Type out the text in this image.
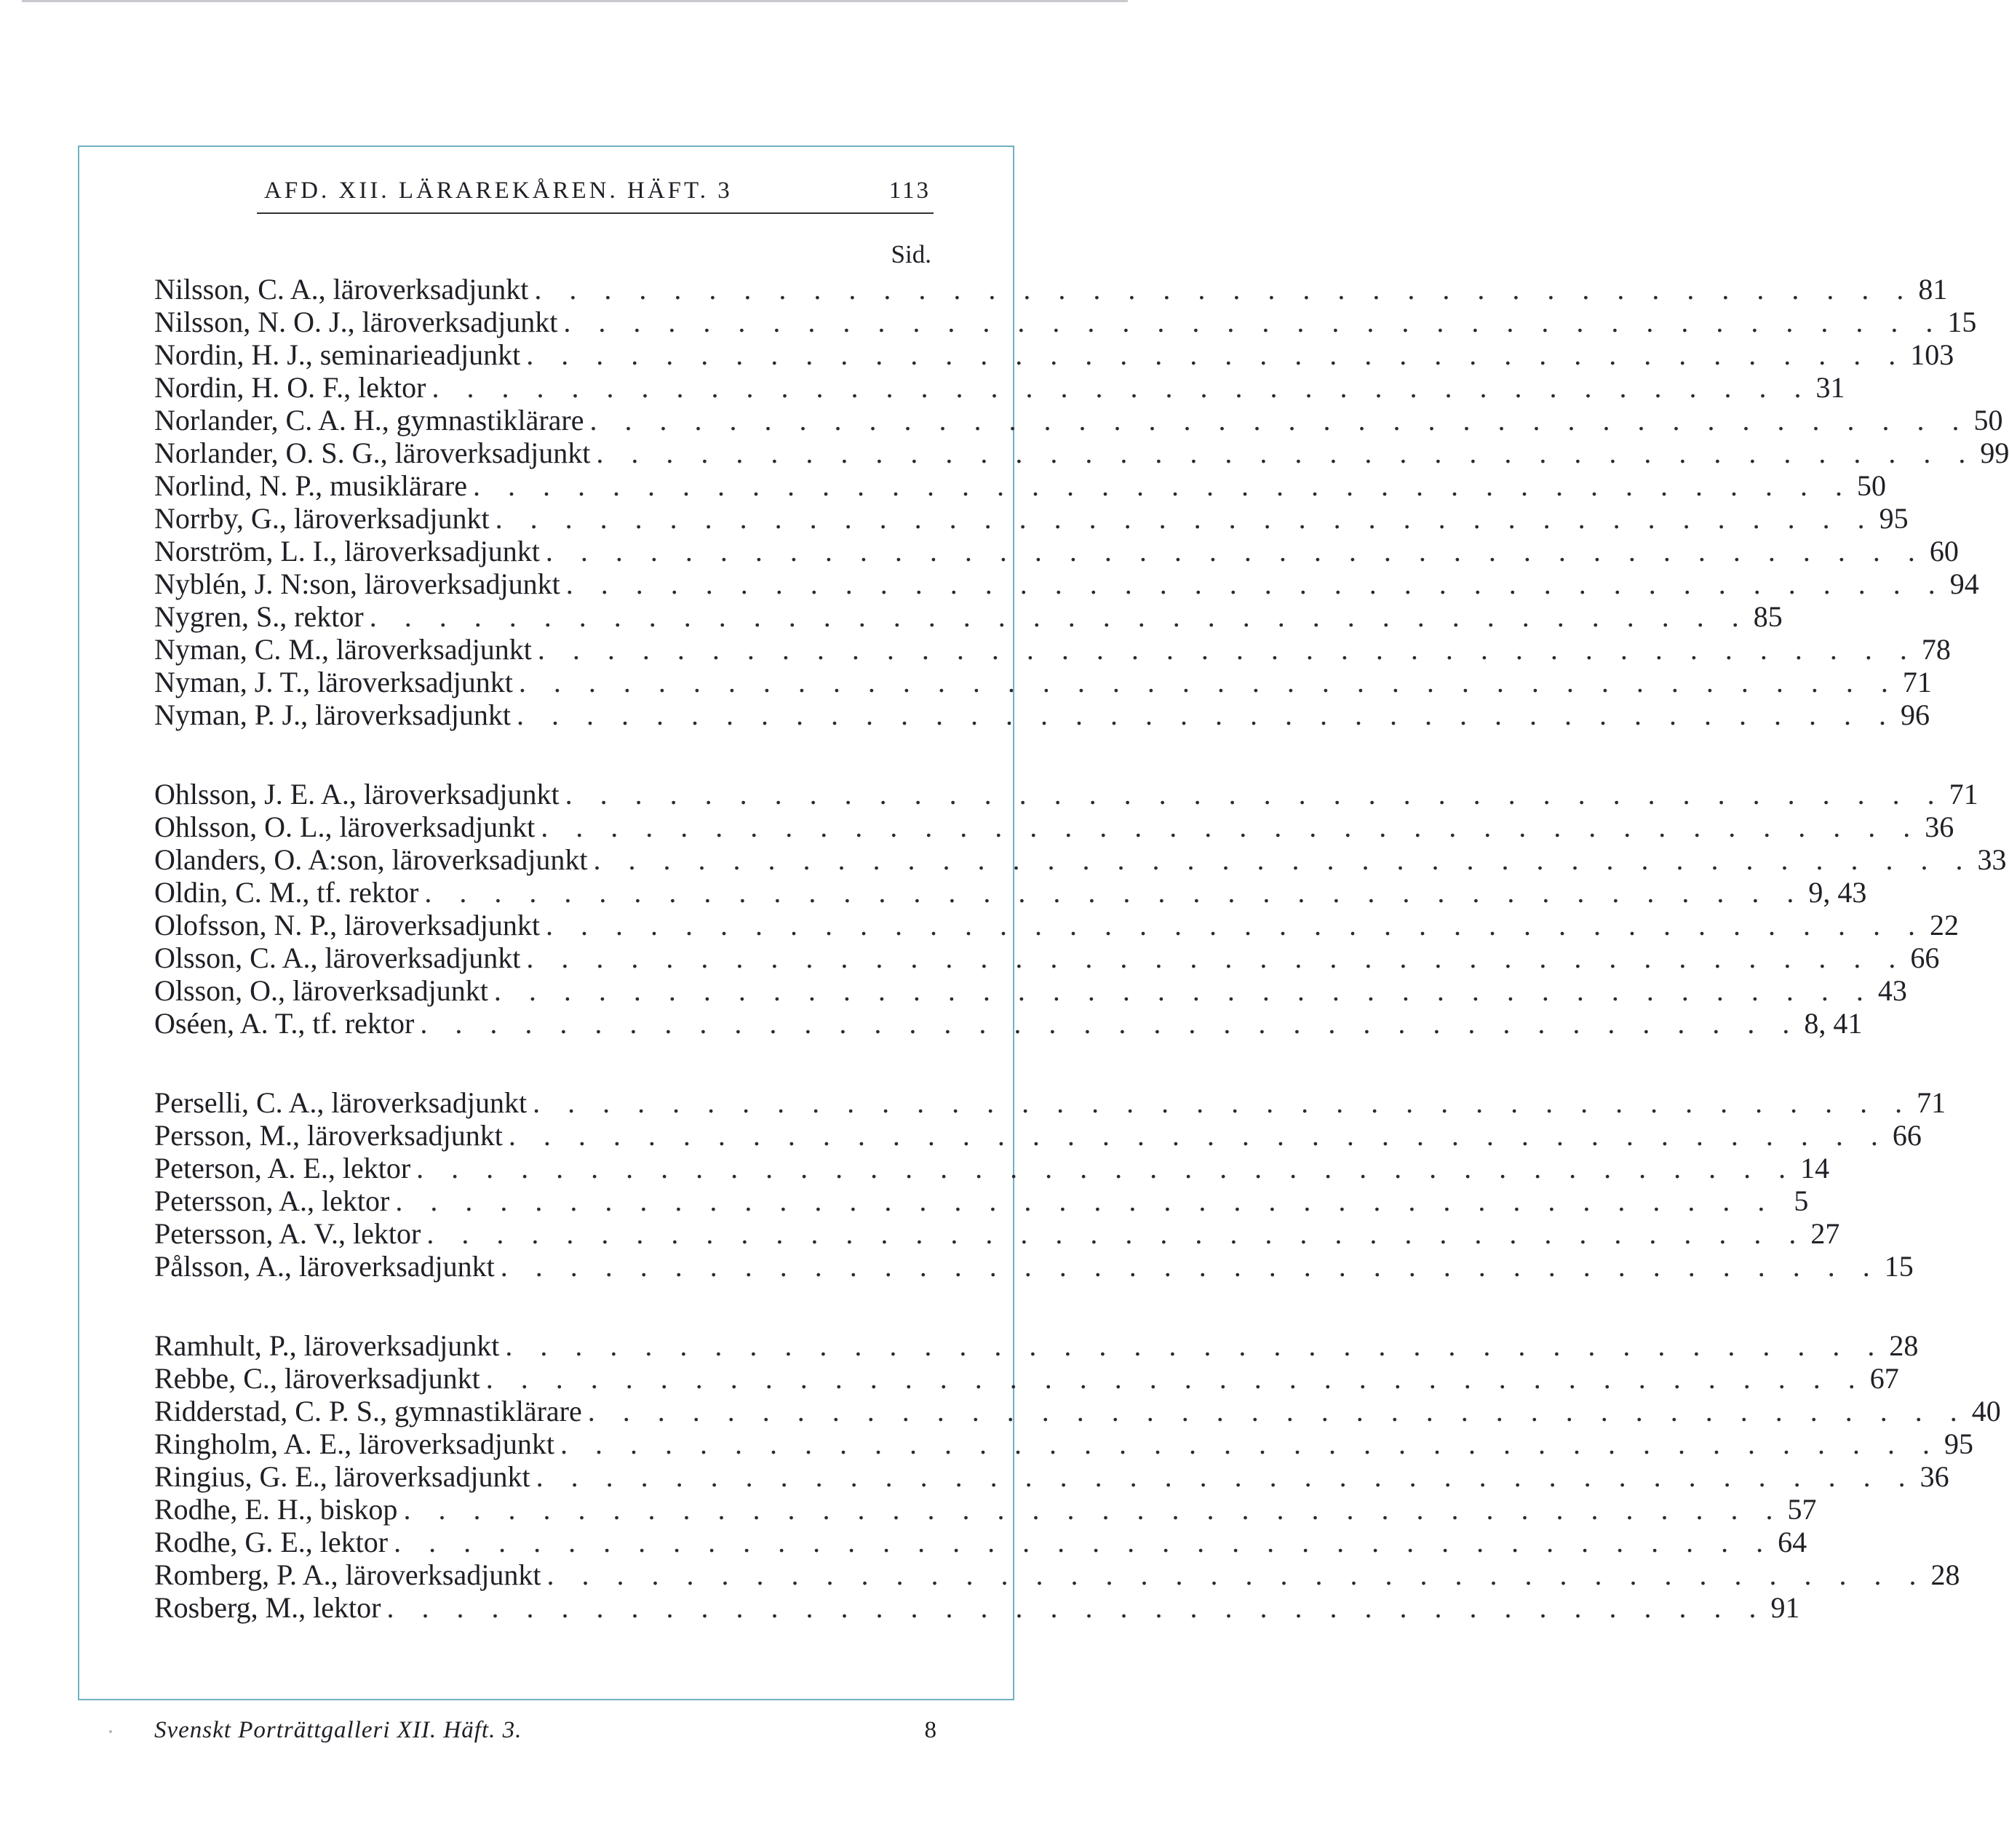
AFD. XII. LÄRAREKÅREN. HÄFT. 3	113
Sid.
Nilsson, C. A., läroverksadjunkt . . . . . . . . . . . . . . . . . . . . . . . . . . . . . . . . . . . . . . . . 81
Nilsson, N. O. J., läroverksadjunkt . . . . . . . . . . . . . . . . . . . . . . . . . . . . . . . . . . . . . . . . 15
Nordin, H. J., seminarieadjunkt . . . . . . . . . . . . . . . . . . . . . . . . . . . . . . . . . . . . . . . . 103
Nordin, H. O. F., lektor . . . . . . . . . . . . . . . . . . . . . . . . . . . . . . . . . . . . . . . . 31
Norlander, C. A. H., gymnastiklärare . . . . . . . . . . . . . . . . . . . . . . . . . . . . . . . . . . . . . . . . 50
Norlander, O. S. G., läroverksadjunkt . . . . . . . . . . . . . . . . . . . . . . . . . . . . . . . . . . . . . . . . 99
Norlind, N. P., musiklärare . . . . . . . . . . . . . . . . . . . . . . . . . . . . . . . . . . . . . . . . 50
Norrby, G., läroverksadjunkt . . . . . . . . . . . . . . . . . . . . . . . . . . . . . . . . . . . . . . . . 95
Norström, L. I., läroverksadjunkt . . . . . . . . . . . . . . . . . . . . . . . . . . . . . . . . . . . . . . . . 60
Nyblén, J. N:son, läroverksadjunkt . . . . . . . . . . . . . . . . . . . . . . . . . . . . . . . . . . . . . . . . 94
Nygren, S., rektor . . . . . . . . . . . . . . . . . . . . . . . . . . . . . . . . . . . . . . . . 85
Nyman, C. M., läroverksadjunkt . . . . . . . . . . . . . . . . . . . . . . . . . . . . . . . . . . . . . . . . 78
Nyman, J. T., läroverksadjunkt . . . . . . . . . . . . . . . . . . . . . . . . . . . . . . . . . . . . . . . . 71
Nyman, P. J., läroverksadjunkt . . . . . . . . . . . . . . . . . . . . . . . . . . . . . . . . . . . . . . . . 96
Ohlsson, J. E. A., läroverksadjunkt . . . . . . . . . . . . . . . . . . . . . . . . . . . . . . . . . . . . . . . . 71
Ohlsson, O. L., läroverksadjunkt . . . . . . . . . . . . . . . . . . . . . . . . . . . . . . . . . . . . . . . . 36
Olanders, O. A:son, läroverksadjunkt . . . . . . . . . . . . . . . . . . . . . . . . . . . . . . . . . . . . . . . . 33
Oldin, C. M., tf. rektor . . . . . . . . . . . . . . . . . . . . . . . . . . . . . . . . . . . . . . . . 9, 43
Olofsson, N. P., läroverksadjunkt . . . . . . . . . . . . . . . . . . . . . . . . . . . . . . . . . . . . . . . . 22
Olsson, C. A., läroverksadjunkt . . . . . . . . . . . . . . . . . . . . . . . . . . . . . . . . . . . . . . . . 66
Olsson, O., läroverksadjunkt . . . . . . . . . . . . . . . . . . . . . . . . . . . . . . . . . . . . . . . . 43
Oséen, A. T., tf. rektor . . . . . . . . . . . . . . . . . . . . . . . . . . . . . . . . . . . . . . . . 8, 41
Perselli, C. A., läroverksadjunkt . . . . . . . . . . . . . . . . . . . . . . . . . . . . . . . . . . . . . . . . 71
Persson, M., läroverksadjunkt . . . . . . . . . . . . . . . . . . . . . . . . . . . . . . . . . . . . . . . . 66
Peterson, A. E., lektor . . . . . . . . . . . . . . . . . . . . . . . . . . . . . . . . . . . . . . . . 14
Petersson, A., lektor . . . . . . . . . . . . . . . . . . . . . . . . . . . . . . . . . . . . . . . . 5
Petersson, A. V., lektor . . . . . . . . . . . . . . . . . . . . . . . . . . . . . . . . . . . . . . . . 27
Pålsson, A., läroverksadjunkt . . . . . . . . . . . . . . . . . . . . . . . . . . . . . . . . . . . . . . . . 15
Ramhult, P., läroverksadjunkt . . . . . . . . . . . . . . . . . . . . . . . . . . . . . . . . . . . . . . . . 28
Rebbe, C., läroverksadjunkt . . . . . . . . . . . . . . . . . . . . . . . . . . . . . . . . . . . . . . . . 67
Ridderstad, C. P. S., gymnastiklärare . . . . . . . . . . . . . . . . . . . . . . . . . . . . . . . . . . . . . . . . 40
Ringholm, A. E., läroverksadjunkt . . . . . . . . . . . . . . . . . . . . . . . . . . . . . . . . . . . . . . . . 95
Ringius, G. E., läroverksadjunkt . . . . . . . . . . . . . . . . . . . . . . . . . . . . . . . . . . . . . . . . 36
Rodhe, E. H., biskop . . . . . . . . . . . . . . . . . . . . . . . . . . . . . . . . . . . . . . . . 57
Rodhe, G. E., lektor . . . . . . . . . . . . . . . . . . . . . . . . . . . . . . . . . . . . . . . . 64
Romberg, P. A., läroverksadjunkt . . . . . . . . . . . . . . . . . . . . . . . . . . . . . . . . . . . . . . . . 28
Rosberg, M., lektor . . . . . . . . . . . . . . . . . . . . . . . . . . . . . . . . . . . . . . . . 91
Svenskt Porträttgalleri XII. Häft. 3.	8
